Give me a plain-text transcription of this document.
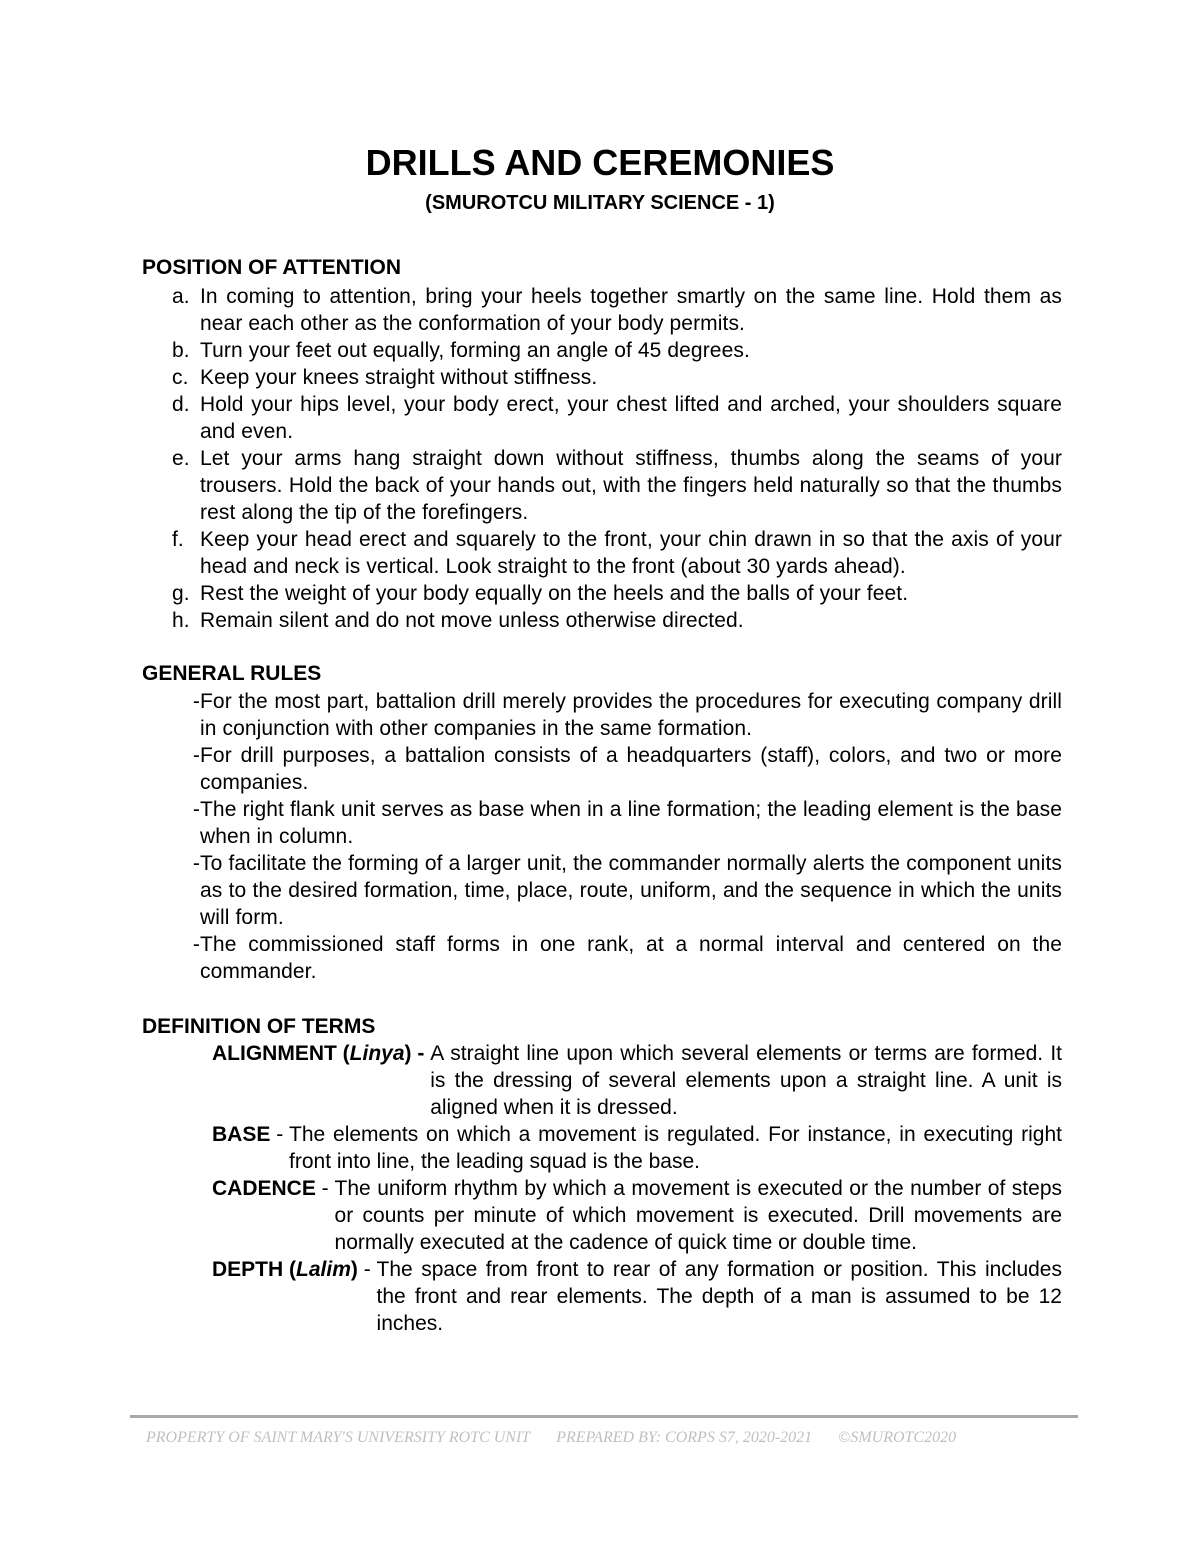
DRILLS AND CEREMONIES
(SMUROTCU MILITARY SCIENCE - 1)
POSITION OF ATTENTION
a. In coming to attention, bring your heels together smartly on the same line. Hold them as near each other as the conformation of your body permits.
b. Turn your feet out equally, forming an angle of 45 degrees.
c. Keep your knees straight without stiffness.
d. Hold your hips level, your body erect, your chest lifted and arched, your shoulders square and even.
e. Let your arms hang straight down without stiffness, thumbs along the seams of your trousers. Hold the back of your hands out, with the fingers held naturally so that the thumbs rest along the tip of the forefingers.
f. Keep your head erect and squarely to the front, your chin drawn in so that the axis of your head and neck is vertical. Look straight to the front (about 30 yards ahead).
g. Rest the weight of your body equally on the heels and the balls of your feet.
h. Remain silent and do not move unless otherwise directed.
GENERAL RULES
- For the most part, battalion drill merely provides the procedures for executing company drill in conjunction with other companies in the same formation.
- For drill purposes, a battalion consists of a headquarters (staff), colors, and two or more companies.
- The right flank unit serves as base when in a line formation; the leading element is the base when in column.
- To facilitate the forming of a larger unit, the commander normally alerts the component units as to the desired formation, time, place, route, uniform, and the sequence in which the units will form.
- The commissioned staff forms in one rank, at a normal interval and centered on the commander.
DEFINITION OF TERMS
ALIGNMENT (Linya) - A straight line upon which several elements or terms are formed. It is the dressing of several elements upon a straight line. A unit is aligned when it is dressed.
BASE - The elements on which a movement is regulated. For instance, in executing right front into line, the leading squad is the base.
CADENCE - The uniform rhythm by which a movement is executed or the number of steps or counts per minute of which movement is executed. Drill movements are normally executed at the cadence of quick time or double time.
DEPTH (Lalim) - The space from front to rear of any formation or position. This includes the front and rear elements. The depth of a man is assumed to be 12 inches.
PROPERTY OF SAINT MARY'S UNIVERSITY ROTC UNIT PREPARED BY: CORPS S7, 2020-2021 ©SMUROTC2020
